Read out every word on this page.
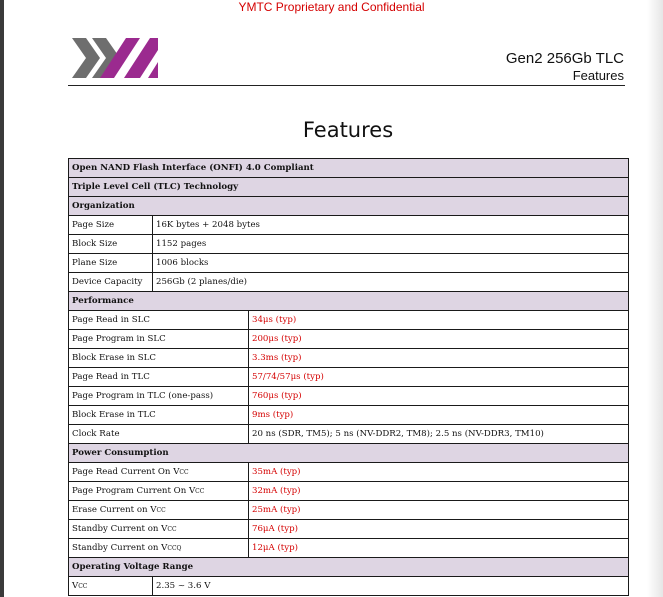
YMTC Proprietary and Confidential
Gen2 256Gb TLC
Features
Features
Open NAND Flash Interface (ONFI) 4.0 Compliant		
Triple Level Cell (TLC) Technology		
Organization		
Page Size	16K bytes + 2048 bytes	
Block Size	1152 pages	
Plane Size	1006 blocks	
Device Capacity	256Gb (2 planes/die)	
Performance		
Page Read in SLC		34μs (typ)
Page Program in SLC		200μs (typ)
Block Erase in SLC		3.3ms (typ)
Page Read in TLC		57/74/57μs (typ)
Page Program in TLC (one-pass)		760μs (typ)
Block Erase in TLC		9ms (typ)
Clock Rate		20 ns (SDR, TM5); 5 ns (NV-DDR2, TM8); 2.5 ns (NV-DDR3, TM10)
Power Consumption		
Page Read Current On VCC		35mA (typ)
Page Program Current On VCC		32mA (typ)
Erase Current on VCC		25mA (typ)
Standby Current on VCC		76μA (typ)
Standby Current on VCCQ		12μA (typ)
Operating Voltage Range		
VCC	2.35 ~ 3.6 V	
